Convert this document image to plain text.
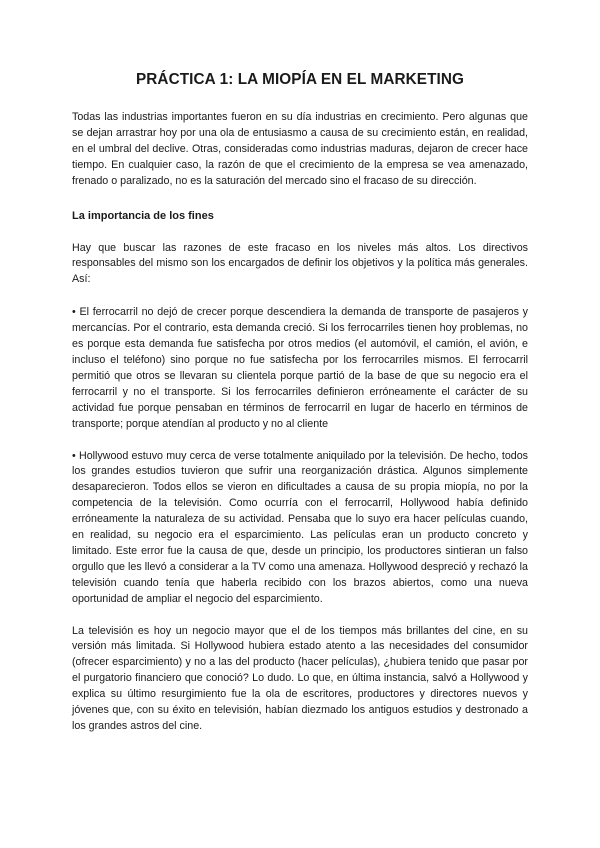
PRÁCTICA 1: LA MIOPÍA EN EL MARKETING

Todas las industrias importantes fueron en su día industrias en crecimiento. Pero algunas que se dejan arrastrar hoy por una ola de entusiasmo a causa de su crecimiento están, en realidad, en el umbral del declive. Otras, consideradas como industrias maduras, dejaron de crecer hace tiempo. En cualquier caso, la razón de que el crecimiento de la empresa se vea amenazado, frenado o paralizado, no es la saturación del mercado sino el fracaso de su dirección.

La importancia de los fines

Hay que buscar las razones de este fracaso en los niveles más altos. Los directivos responsables del mismo son los encargados de definir los objetivos y la política más generales. Así:

• El ferrocarril no dejó de crecer porque descendiera la demanda de transporte de pasajeros y mercancías. Por el contrario, esta demanda creció. Si los ferrocarriles tienen hoy problemas, no es porque esta demanda fue satisfecha por otros medios (el automóvil, el camión, el avión, e incluso el teléfono) sino porque no fue satisfecha por los ferrocarriles mismos. El ferrocarril permitió que otros se llevaran su clientela porque partió de la base de que su negocio era el ferrocarril y no el transporte. Si los ferrocarriles definieron erróneamente el carácter de su actividad fue porque pensaban en términos de ferrocarril en lugar de hacerlo en términos de transporte; porque atendían al producto y no al cliente

• Hollywood estuvo muy cerca de verse totalmente aniquilado por la televisión. De hecho, todos los grandes estudios tuvieron que sufrir una reorganización drástica. Algunos simplemente desaparecieron. Todos ellos se vieron en dificultades a causa de su propia miopía, no por la competencia de la televisión. Como ocurría con el ferrocarril, Hollywood había definido erróneamente la naturaleza de su actividad. Pensaba que lo suyo era hacer películas cuando, en realidad, su negocio era el esparcimiento. Las películas eran un producto concreto y limitado. Este error fue la causa de que, desde un principio, los productores sintieran un falso orgullo que les llevó a considerar a la TV como una amenaza. Hollywood despreció y rechazó la televisión cuando tenía que haberla recibido con los brazos abiertos, como una nueva oportunidad de ampliar el negocio del esparcimiento.

La televisión es hoy un negocio mayor que el de los tiempos más brillantes del cine, en su versión más limitada. Si Hollywood hubiera estado atento a las necesidades del consumidor (ofrecer esparcimiento) y no a las del producto (hacer películas), ¿hubiera tenido que pasar por el purgatorio financiero que conoció? Lo dudo. Lo que, en última instancia, salvó a Hollywood y explica su último resurgimiento fue la ola de escritores, productores y directores nuevos y jóvenes que, con su éxito en televisión, habían diezmado los antiguos estudios y destronado a los grandes astros del cine.
